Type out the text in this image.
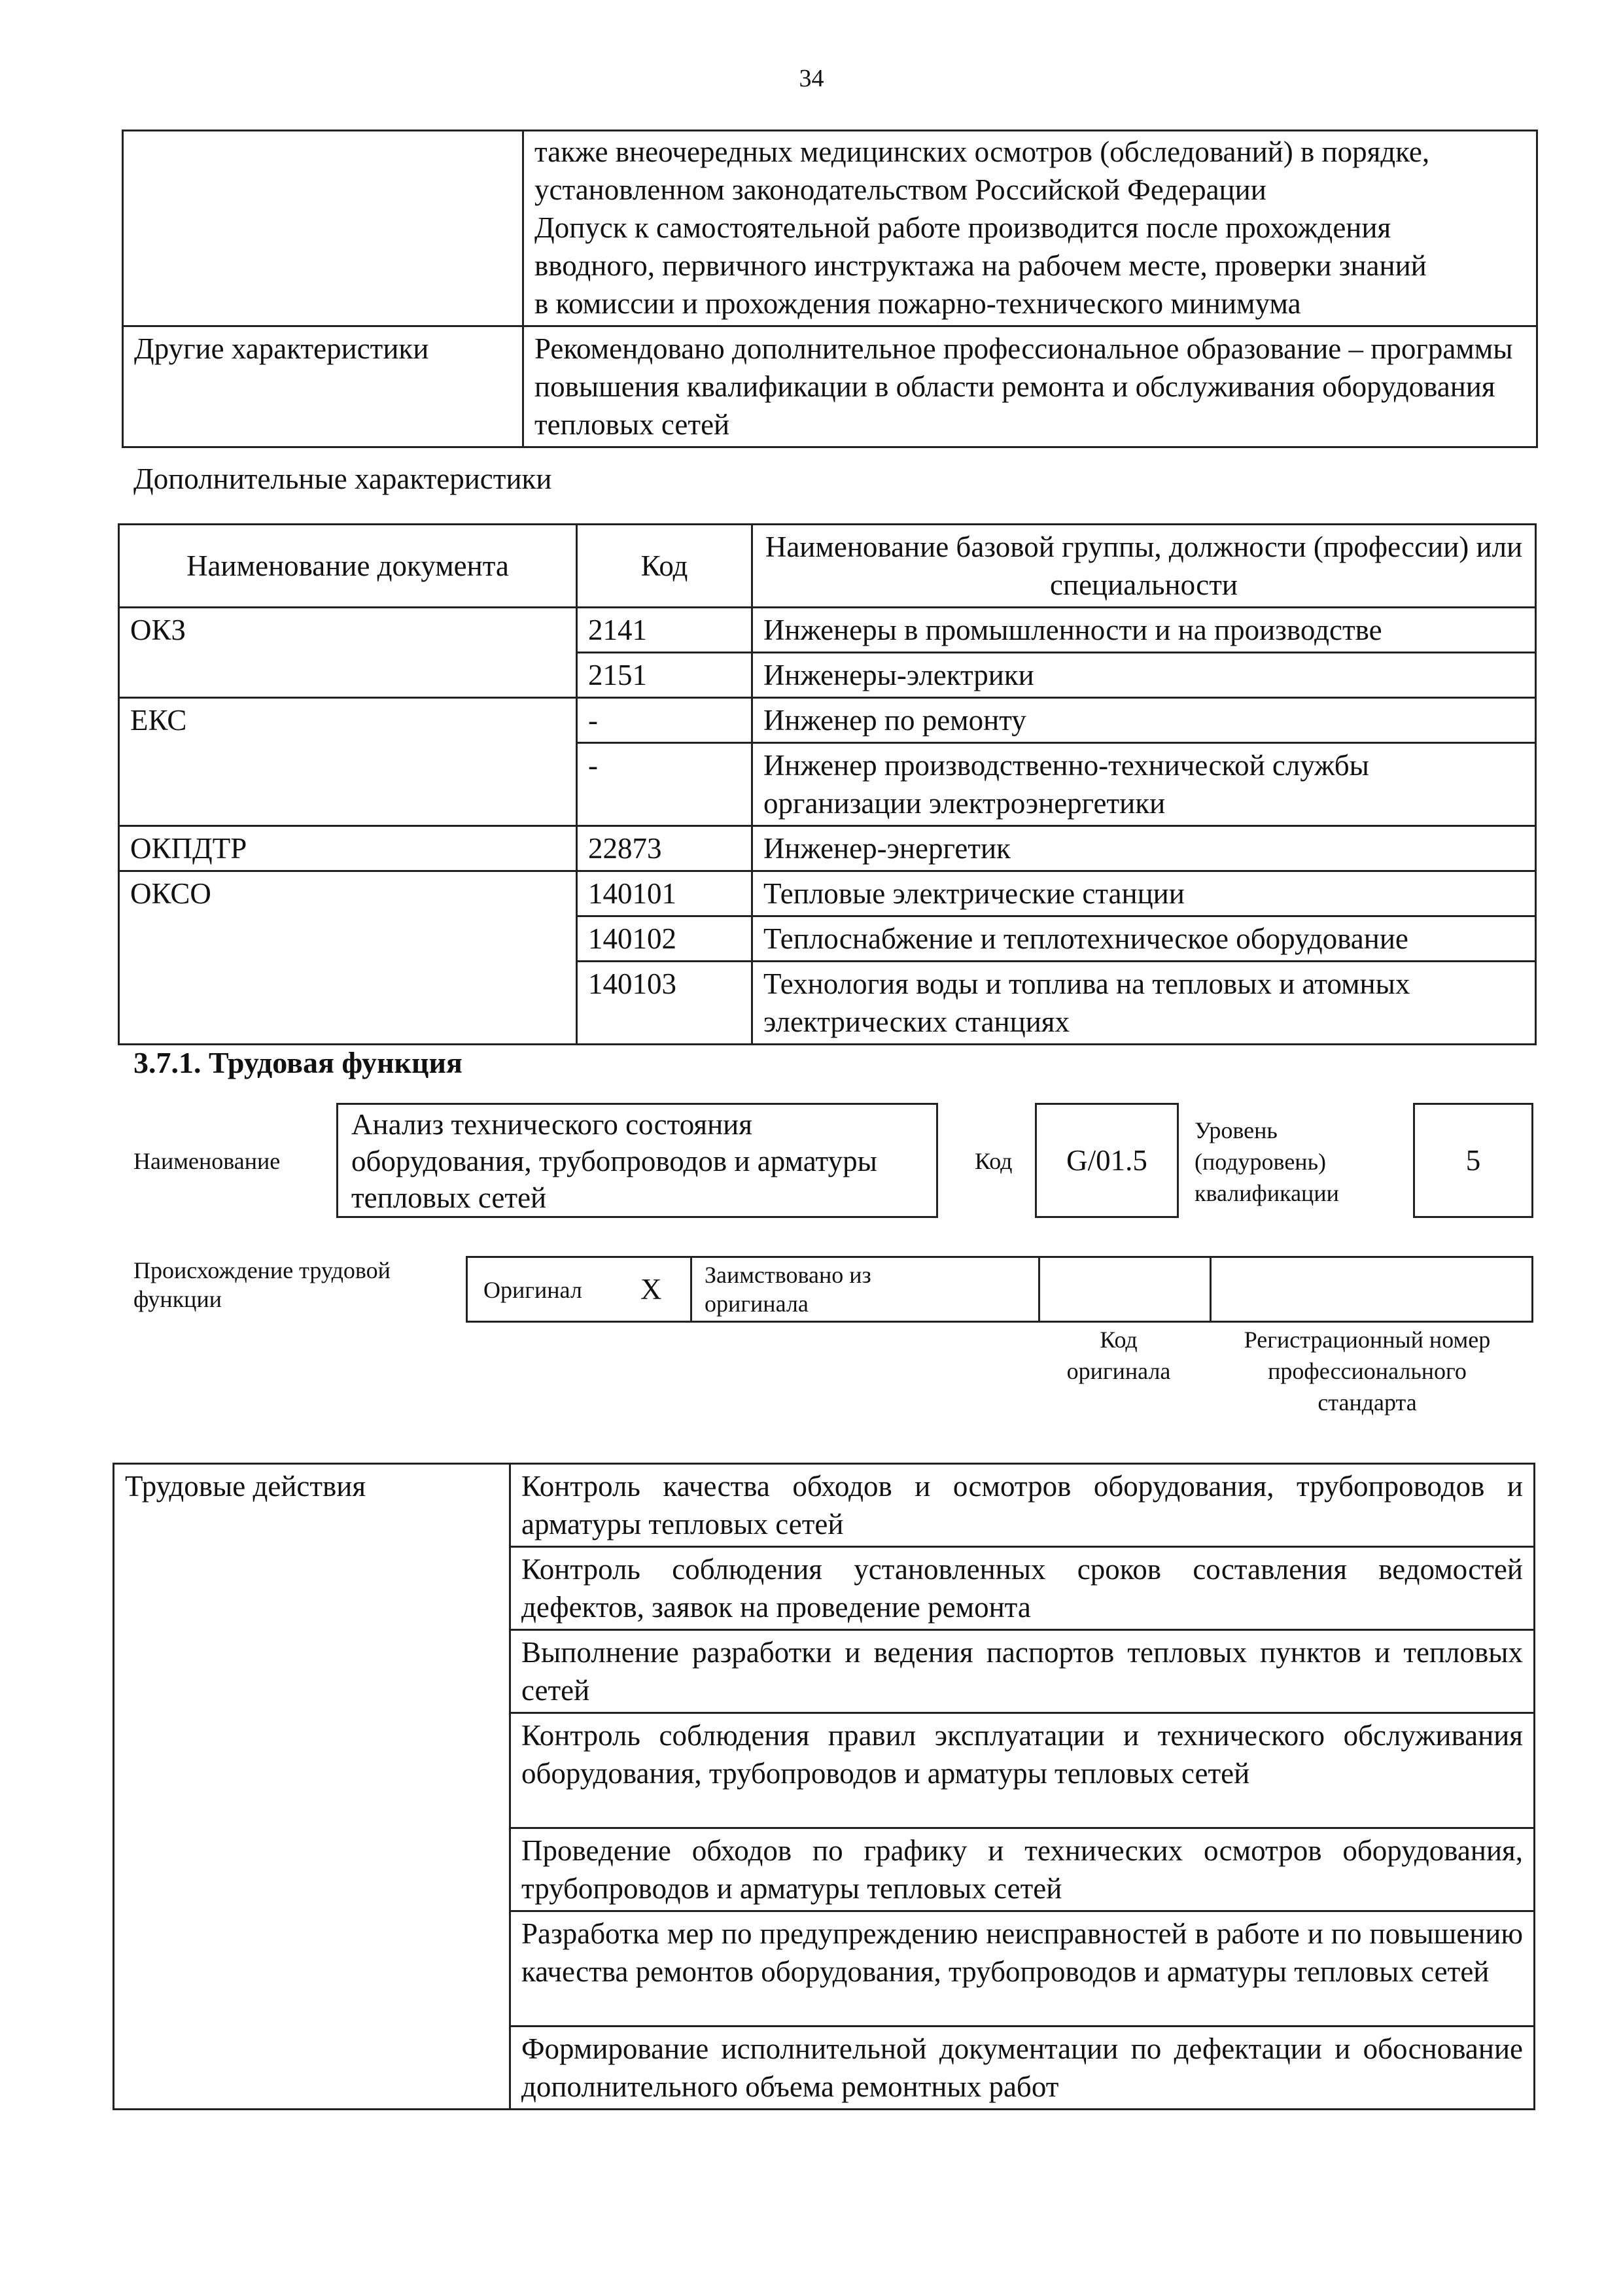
34

	также внеочередных медицинских осмотров (обследований) в порядке,
установленном законодательством Российской Федерации
Допуск к самостоятельной работе производится после прохождения
вводного, первичного инструктажа на рабочем месте, проверки знаний
в комиссии и прохождения пожарно-технического минимума

Другие характеристики	Рекомендовано дополнительное профессиональное образование – программы повышения квалификации в области ремонта и обслуживания оборудования тепловых сетей
Дополнительные характеристики
Наименование документа	Код	Наименование базовой группы, должности (профессии) или специальности
ОКЗ	2141	Инженеры в промышленности и на производстве
	2151	Инженеры-электрики
ЕКС	-	Инженер по ремонту
	-	Инженер производственно-технической службы организации электроэнергетики
ОКПДТР	22873	Инженер-энергетик
ОКСО	140101	Тепловые электрические станции
	140102	Теплоснабжение и теплотехническое оборудование
	140103	Технология воды и топлива на тепловых и атомных электрических станциях
3.7.1. Трудовая функция
Наименование
Анализ технического состояния оборудования, трубопроводов и арматуры тепловых сетей
Код G/01.5
Уровень (подуровень) квалификации
5
Происхождение трудовой функции	Оригинал X Заимствовано из оригинала
Код оригинала
Регистрационный номер профессионального стандарта
Трудовые действия	Контроль качества обходов и осмотров оборудования, трубопроводов и арматуры тепловых сетей
Контроль соблюдения установленных сроков составления ведомостей дефектов, заявок на проведение ремонта
Выполнение разработки и ведения паспортов тепловых пунктов и тепловых сетей
Контроль соблюдения правил эксплуатации и технического обслуживания оборудования, трубопроводов и арматуры тепловых сетей
Проведение обходов по графику и технических осмотров оборудования, трубопроводов и арматуры тепловых сетей
Разработка мер по предупреждению неисправностей в работе и по повышению качества ремонтов оборудования, трубопроводов и арматуры тепловых сетей
Формирование исполнительной документации по дефектации и обоснование дополнительного объема ремонтных работ
